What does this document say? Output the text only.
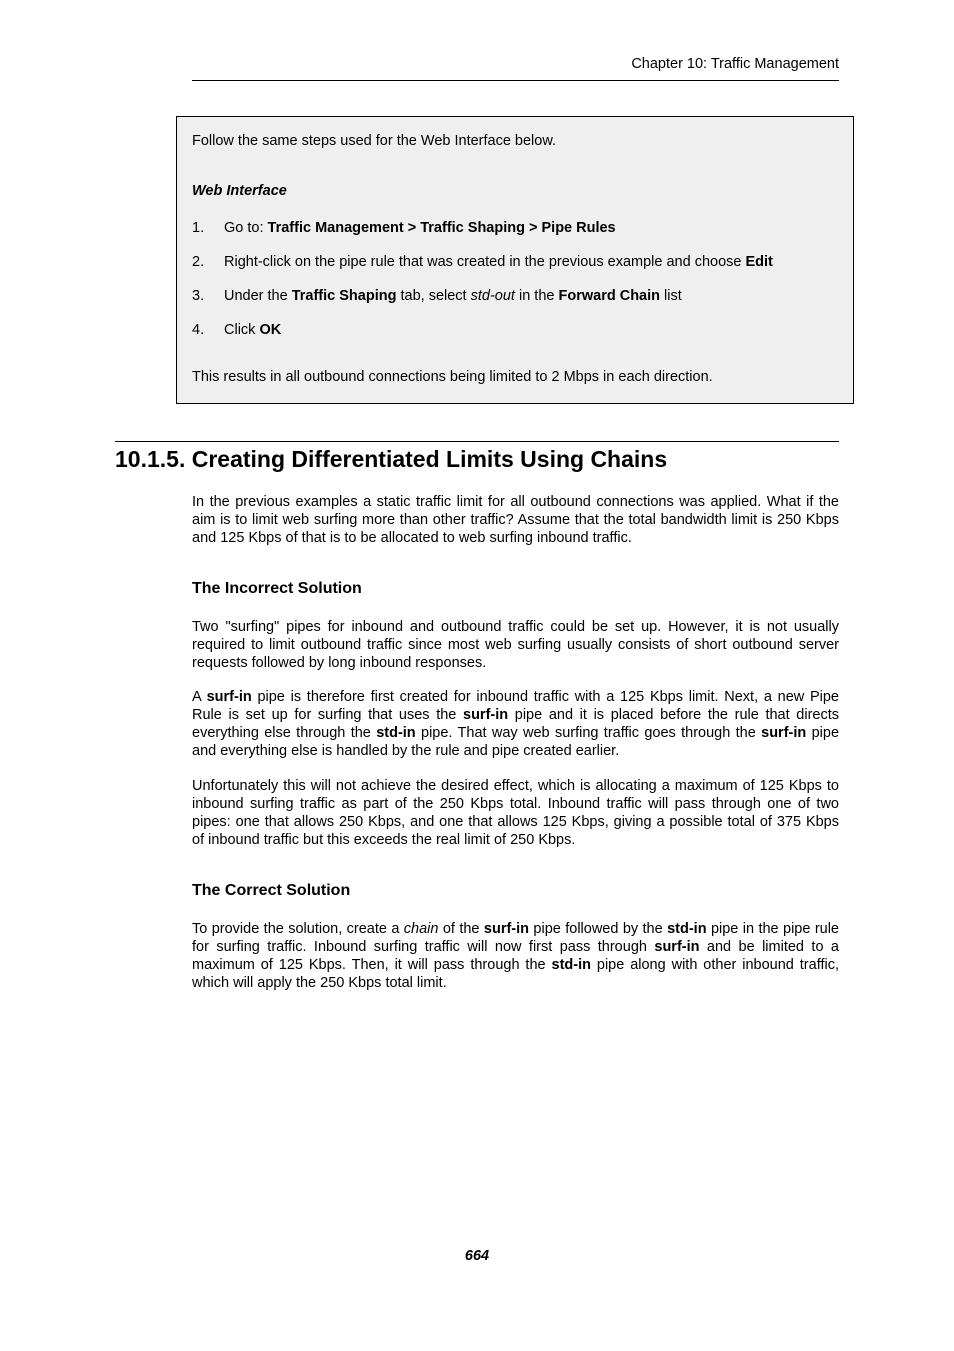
Chapter 10: Traffic Management

Follow the same steps used for the Web Interface below.

Web Interface

1. Go to: Traffic Management > Traffic Shaping > Pipe Rules
2. Right-click on the pipe rule that was created in the previous example and choose Edit
3. Under the Traffic Shaping tab, select std-out in the Forward Chain list
4. Click OK

This results in all outbound connections being limited to 2 Mbps in each direction.

10.1.5. Creating Differentiated Limits Using Chains

In the previous examples a static traffic limit for all outbound connections was applied. What if the aim is to limit web surfing more than other traffic? Assume that the total bandwidth limit is 250 Kbps and 125 Kbps of that is to be allocated to web surfing inbound traffic.

The Incorrect Solution

Two "surfing" pipes for inbound and outbound traffic could be set up. However, it is not usually required to limit outbound traffic since most web surfing usually consists of short outbound server requests followed by long inbound responses.

A surf-in pipe is therefore first created for inbound traffic with a 125 Kbps limit. Next, a new Pipe Rule is set up for surfing that uses the surf-in pipe and it is placed before the rule that directs everything else through the std-in pipe. That way web surfing traffic goes through the surf-in pipe and everything else is handled by the rule and pipe created earlier.

Unfortunately this will not achieve the desired effect, which is allocating a maximum of 125 Kbps to inbound surfing traffic as part of the 250 Kbps total. Inbound traffic will pass through one of two pipes: one that allows 250 Kbps, and one that allows 125 Kbps, giving a possible total of 375 Kbps of inbound traffic but this exceeds the real limit of 250 Kbps.

The Correct Solution

To provide the solution, create a chain of the surf-in pipe followed by the std-in pipe in the pipe rule for surfing traffic. Inbound surfing traffic will now first pass through surf-in and be limited to a maximum of 125 Kbps. Then, it will pass through the std-in pipe along with other inbound traffic, which will apply the 250 Kbps total limit.

664
